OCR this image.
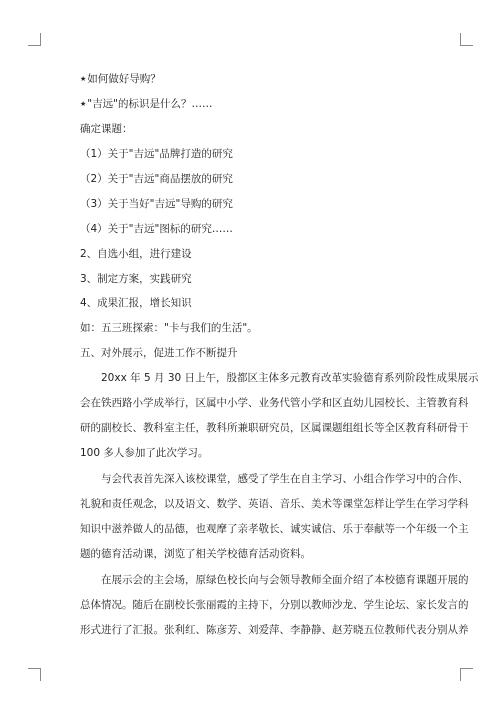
★ 如何做好导购？
★ "吉远"的标识是什么？……
确定课题：
（1）关于"吉远"品牌打造的研究
（2）关于"吉远"商品摆放的研究
（3）关于当好"吉远"导购的研究
（4）关于"吉远"图标的研究……
2、自选小组，进行建设
3、制定方案，实践研究
4、成果汇报，增长知识
如：五三班探索："卡与我们的生活"。
五、对外展示，促进工作不断提升
20xx 年 5 月 30 日上午，殷都区主体多元教育改革实验德育系列阶段性成果展示
会在铁西路小学成举行，区属中小学、业务代管小学和区直幼儿园校长、主管教育科
研的副校长、教科室主任，教科所兼职研究员，区属课题组组长等全区教育科研骨干
100 多人参加了此次学习。
与会代表首先深入该校课堂，感受了学生在自主学习、小组合作学习中的合作、
礼貌和责任观念，以及语文、数学、英语、音乐、美术等课堂怎样让学生在学习学科
知识中滋养做人的品德，也观摩了亲孝敬长、诚实诚信、乐于奉献等一个年级一个主
题的德育活动课，浏览了相关学校德育活动资料。
在展示会的主会场，原绿色校长向与会领导教师全面介绍了本校德育课题开展的
总体情况。随后在副校长张丽霞的主持下，分别以教师沙龙、学生论坛、家长发言的
形式进行了汇报。张利红、陈彦芳、刘爱萍、李静静、赵芳晓五位教师代表分别从养
